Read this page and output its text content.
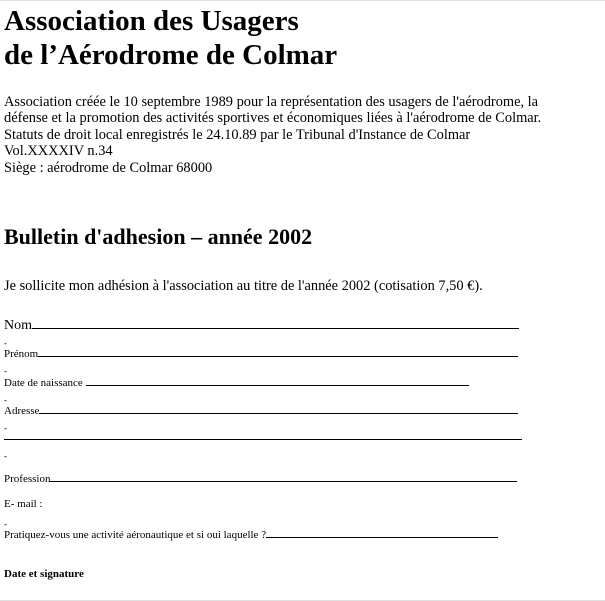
Association des Usagers
de l’Aérodrome de Colmar
Association créée le 10 septembre 1989 pour la représentation des usagers de l'aérodrome, la
défense et la promotion des activités sportives et économiques liées à l'aérodrome de Colmar.
Statuts de droit local enregistrés le 24.10.89 par le Tribunal d'Instance de Colmar
Vol.XXXXIV n.34
Siège : aérodrome de Colmar 68000
Bulletin d'adhesion – année 2002

Je sollicite mon adhésion à l'association au titre de l'année 2002 (cotisation 7,50 €).

Nom
-
Prénom
-
Date de naissance
-
Adresse
-
-
Profession
E- mail :
-
Pratiquez-vous une activité aéronautique et si oui laquelle ?

Date et signature
